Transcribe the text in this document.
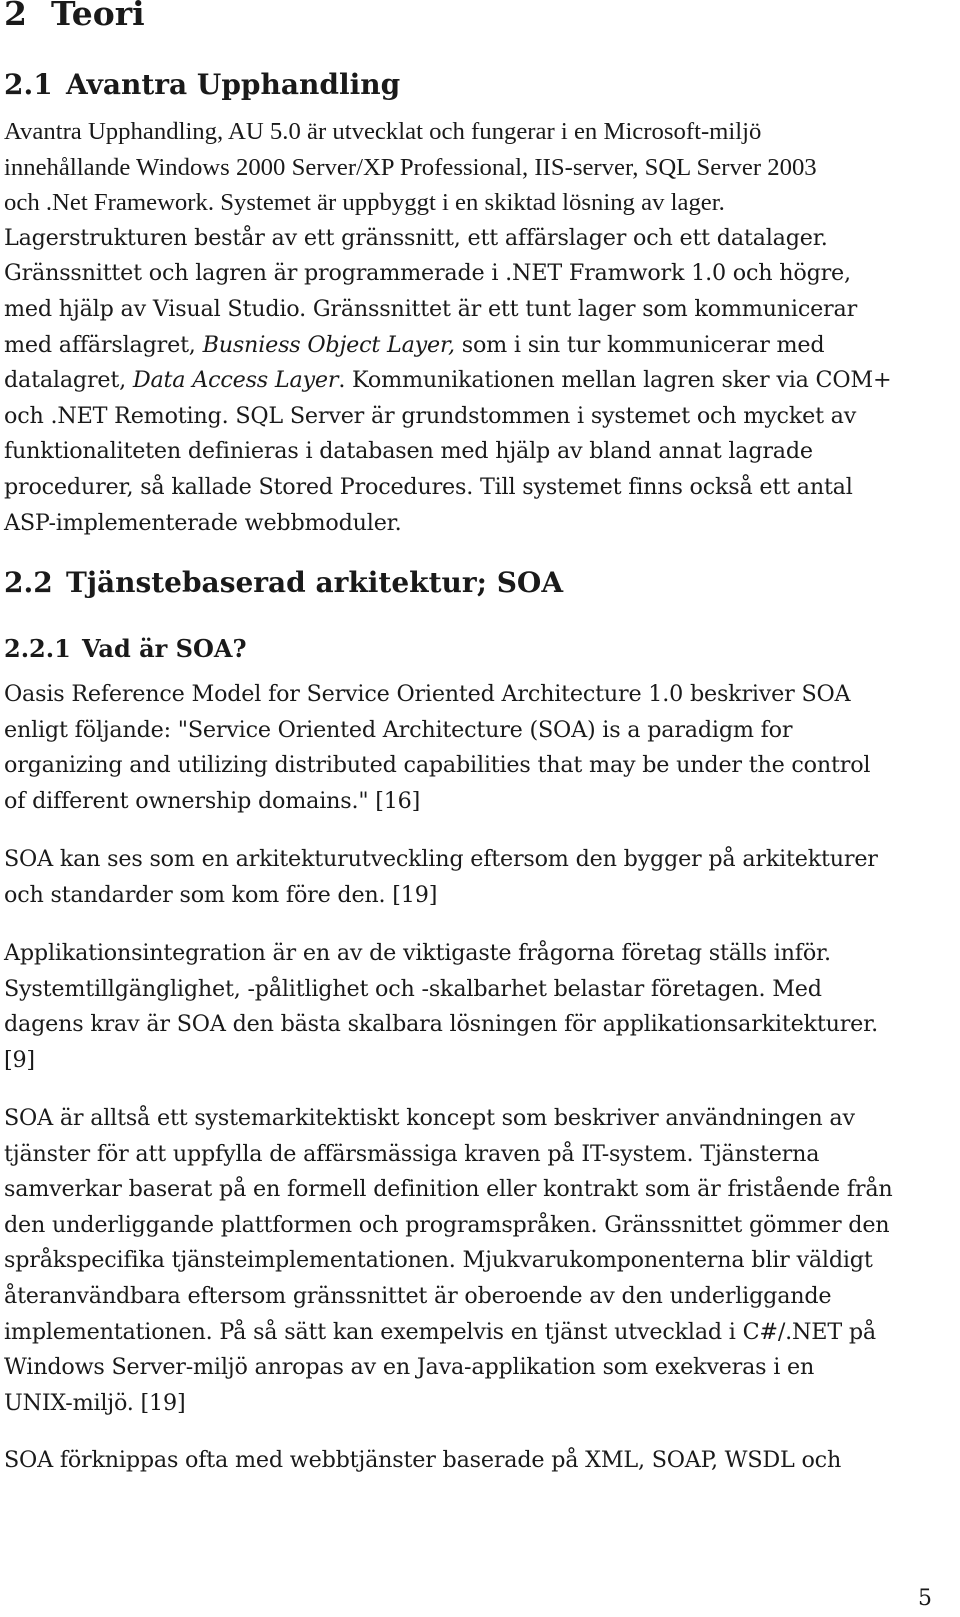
2 Teori
2.1 Avantra Upphandling
Avantra Upphandling, AU 5.0 är utvecklat och fungerar i en Microsoft-miljö
innehållande Windows 2000 Server/XP Professional, IIS-server, SQL Server 2003
och .Net Framework. Systemet är uppbyggt i en skiktad lösning av lager.
Lagerstrukturen består av ett gränssnitt, ett affärslager och ett datalager.
Gränssnittet och lagren är programmerade i .NET Framwork 1.0 och högre,
med hjälp av Visual Studio. Gränssnittet är ett tunt lager som kommunicerar
med affärslagret, Busniess Object Layer, som i sin tur kommunicerar med
datalagret, Data Access Layer. Kommunikationen mellan lagren sker via COM+
och .NET Remoting. SQL Server är grundstommen i systemet och mycket av
funktionaliteten definieras i databasen med hjälp av bland annat lagrade
procedurer, så kallade Stored Procedures. Till systemet finns också ett antal
ASP-implementerade webbmoduler.
2.2 Tjänstebaserad arkitektur; SOA
2.2.1 Vad är SOA?
Oasis Reference Model for Service Oriented Architecture 1.0 beskriver SOA
enligt följande: "Service Oriented Architecture (SOA) is a paradigm for
organizing and utilizing distributed capabilities that may be under the control
of different ownership domains." [16]
SOA kan ses som en arkitekturutveckling eftersom den bygger på arkitekturer
och standarder som kom före den. [19]
Applikationsintegration är en av de viktigaste frågorna företag ställs inför.
Systemtillgänglighet, -pålitlighet och -skalbarhet belastar företagen. Med
dagens krav är SOA den bästa skalbara lösningen för applikationsarkitekturer.
[9]
SOA är alltså ett systemarkitektiskt koncept som beskriver användningen av
tjänster för att uppfylla de affärsmässiga kraven på IT-system. Tjänsterna
samverkar baserat på en formell definition eller kontrakt som är fristående från
den underliggande plattformen och programspråken. Gränssnittet gömmer den
språkspecifika tjänsteimplementationen. Mjukvarukomponenterna blir väldigt
återanvändbara eftersom gränssnittet är oberoende av den underliggande
implementationen. På så sätt kan exempelvis en tjänst utvecklad i C#/.NET på
Windows Server-miljö anropas av en Java-applikation som exekveras i en
UNIX-miljö. [19]
SOA förknippas ofta med webbtjänster baserade på XML, SOAP, WSDL och
5
